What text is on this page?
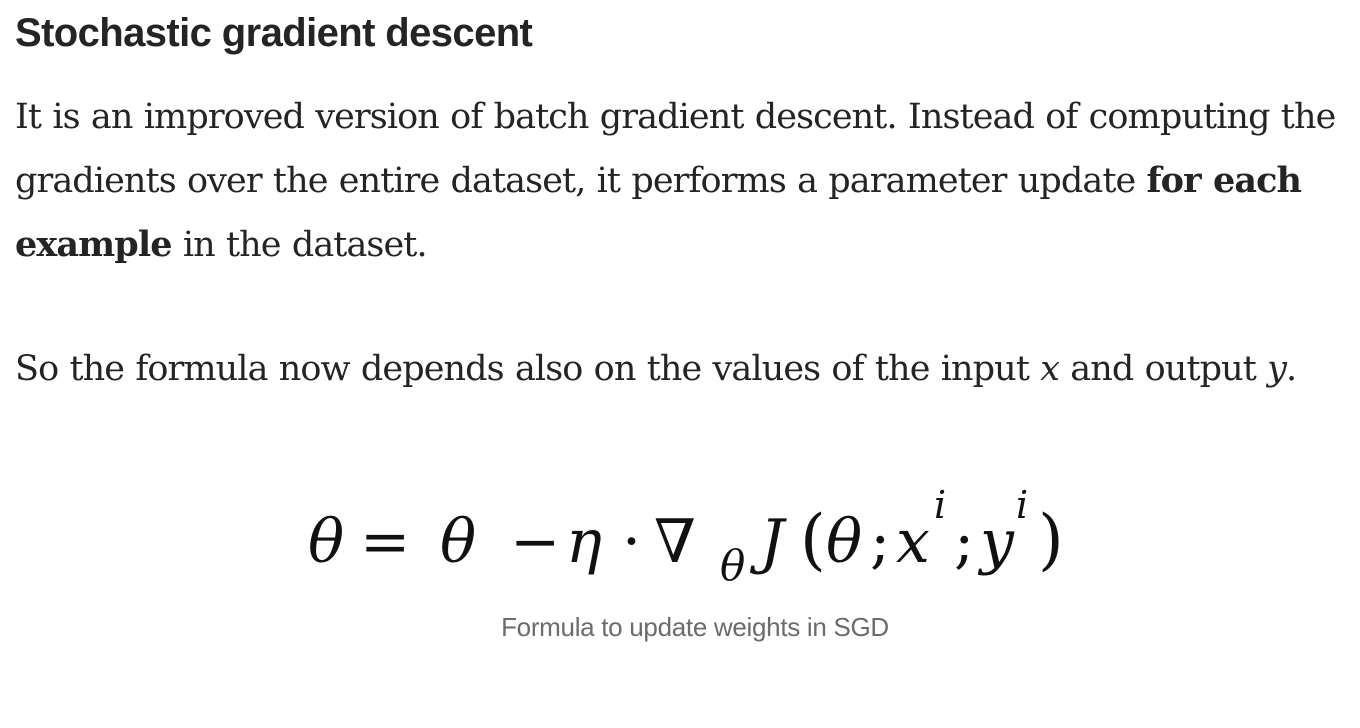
Stochastic gradient descent

It is an improved version of batch gradient descent. Instead of computing the gradients over the entire dataset, it performs a parameter update for each example in the dataset.

So the formula now depends also on the values of the input x and output y.

θ = θ − η · ∇ θ J ( θ ; x
i
; y
i )

Formula to update weights in SGD
